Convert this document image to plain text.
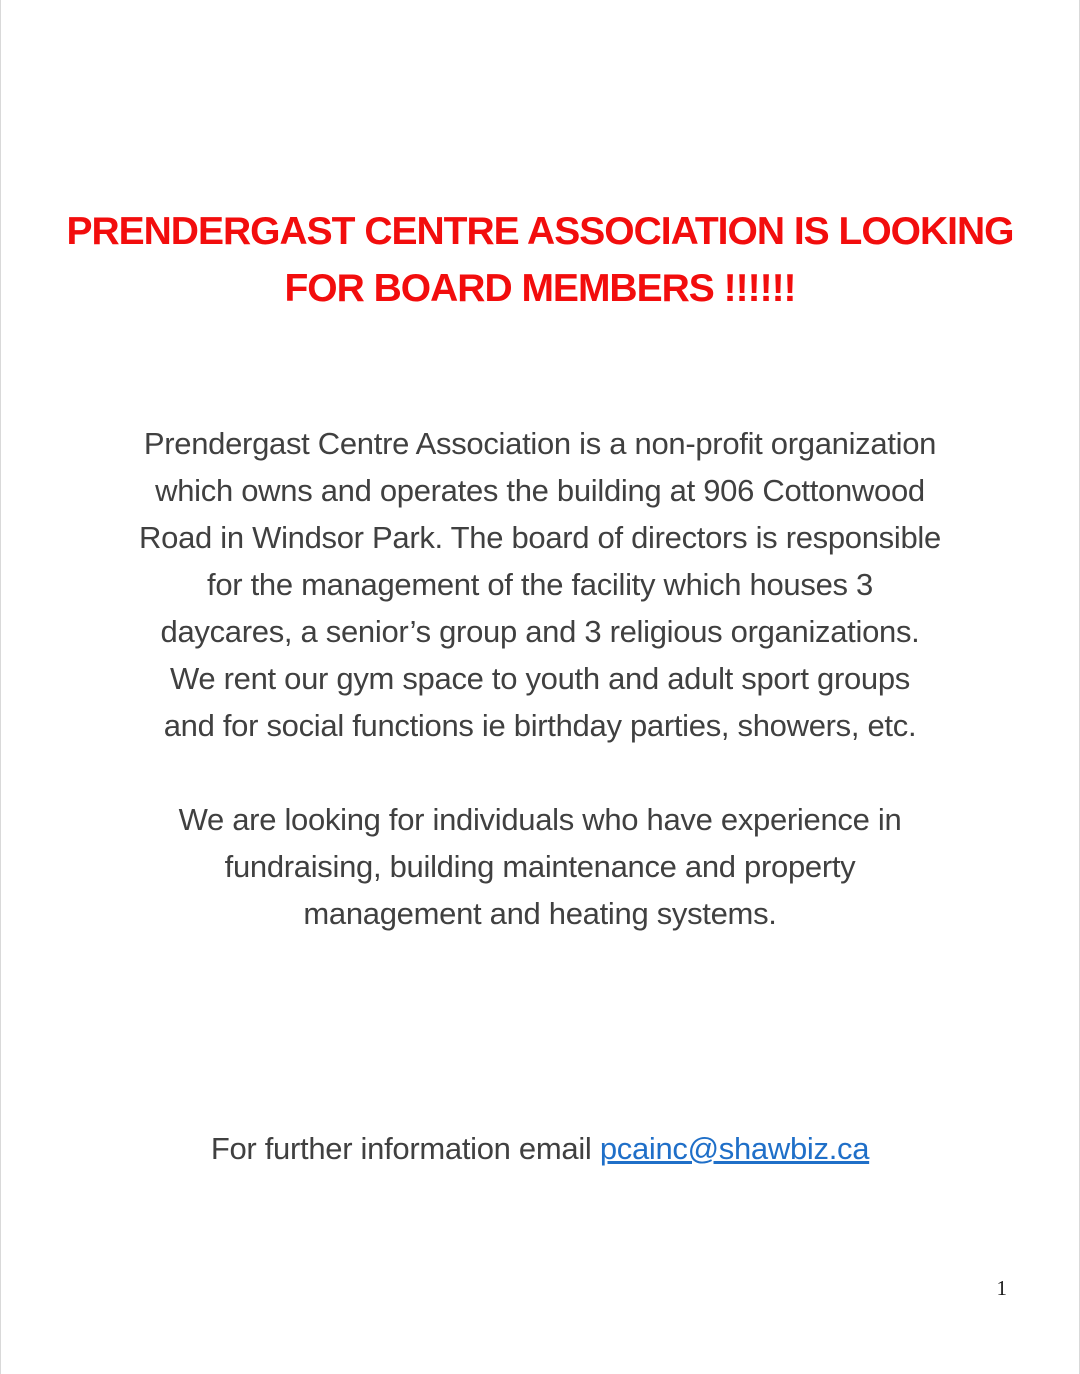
PRENDERGAST CENTRE ASSOCIATION IS LOOKING
FOR BOARD MEMBERS !!!!!!
Prendergast Centre Association is a non-profit organization
which owns and operates the building at 906 Cottonwood
Road in Windsor Park. The board of directors is responsible
for the management of the facility which houses 3
daycares, a senior’s group and 3 religious organizations.
We rent our gym space to youth and adult sport groups
and for social functions ie birthday parties, showers, etc.
We are looking for individuals who have experience in
fundraising, building maintenance and property
management and heating systems.
For further information email pcainc@shawbiz.ca
1
